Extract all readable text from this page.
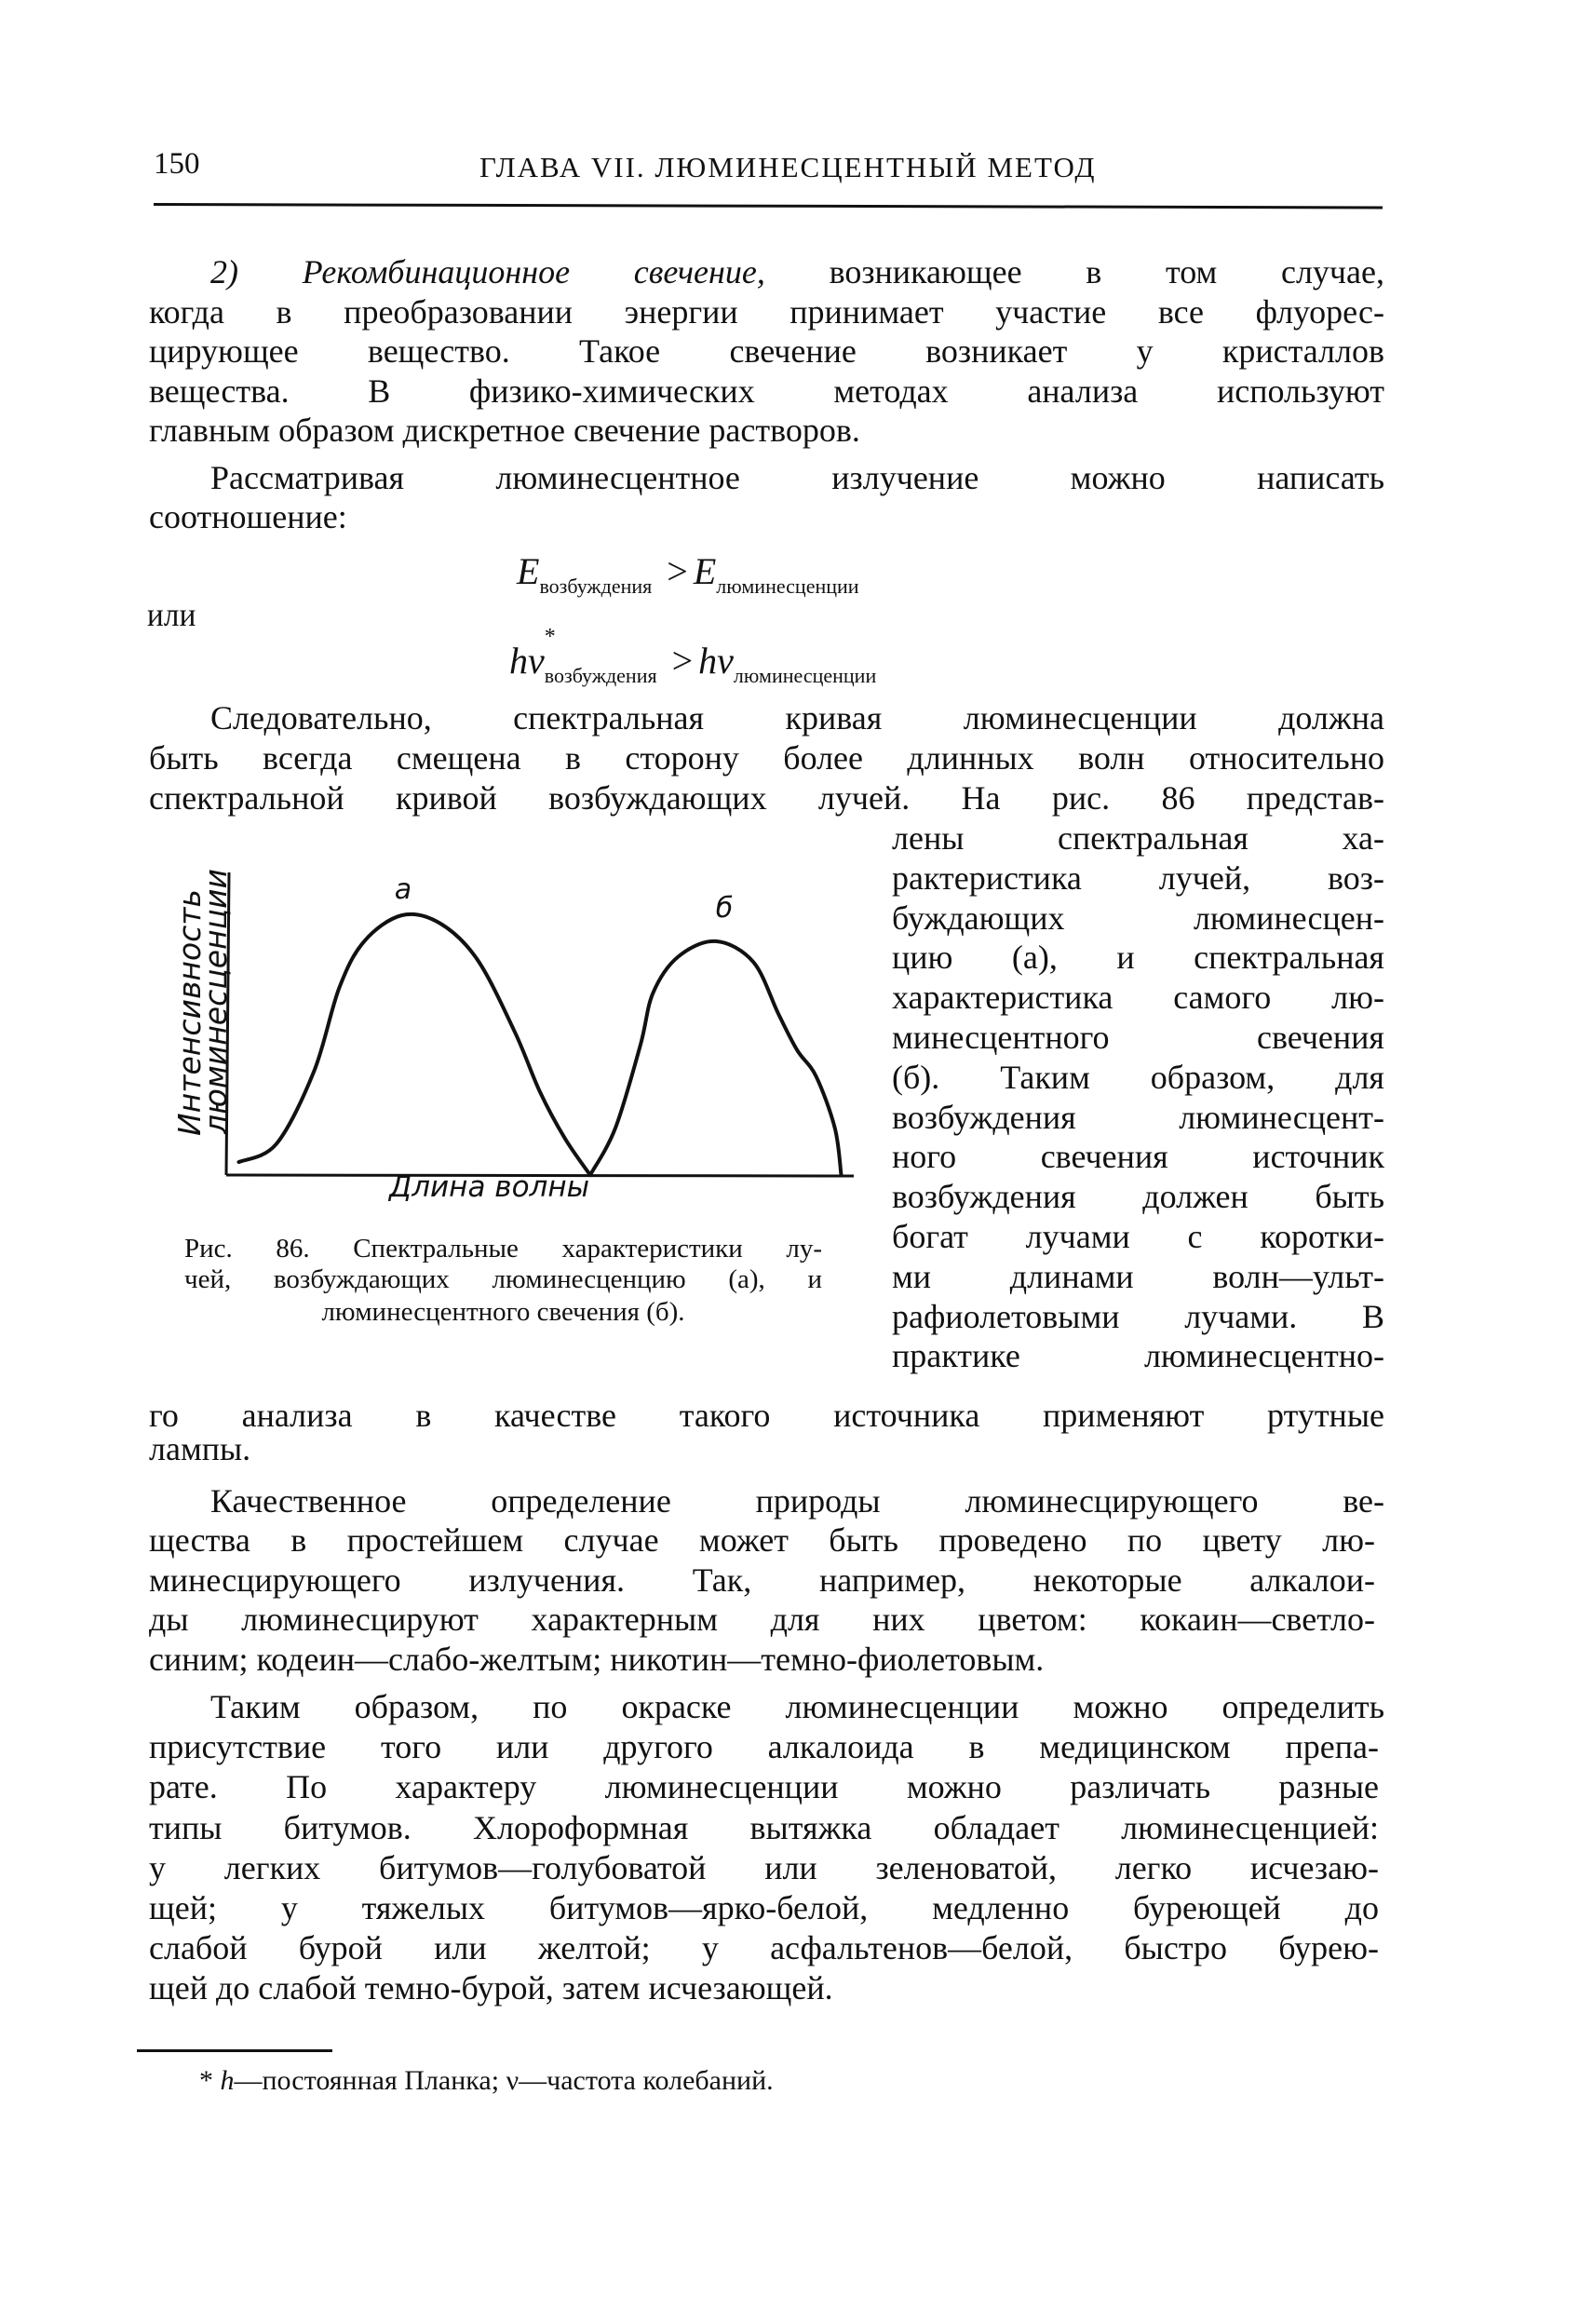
150	ГЛАВА VII. ЛЮМИНЕСЦЕНТНЫЙ МЕТОД
2) Рекомбинационное свечение, возникающее в том случае,
когда в преобразовании энергии принимает участие все флуорес-
цирующее вещество. Такое свечение возникает у кристаллов
вещества. В физико-химических методах анализа используют
главным образом дискретное свечение растворов.
Рассматривая люминесцентное излучение можно написать
соотношение:
$E_{возбуждения} > E_{люминесценции}$
или
hν
*
$_{возбуждения} > h\nu_{люминесценции}$
Следовательно, спектральная кривая люминесценции должна
быть всегда смещена в сторону более длинных волн относительно
спектральной кривой возбуждающих лучей. На рис. 86 представ-
лены спектральная ха-
рактеристика лучей, воз-
буждающих люминесцен-
цию (а), и спектральная
характеристика самого лю-
минесцентного свечения
(б). Таким образом, для
возбуждения люминесцент-
ного свечения источник
возбуждения должен быть
богат лучами с коротки-
ми длинами волн—ульт-
рафиолетовыми лучами. В
практике люминесцентно-
го анализа в качестве такого источника применяют ртутные
лампы.
а
б
Интенсивность
люминесценции
Длина волны
Рис. 86. Спектральные характеристики лу-
чей, возбуждающих люминесценцию (а), и
люминесцентного свечения (б).
Качественное определение природы люминесцирующего ве-
щества в простейшем случае может быть проведено по цвету лю-
минесцирующего излучения. Так, например, некоторые алкалои-
ды люминесцируют характерным для них цветом: кокаин—светло-
синим; кодеин—слабо-желтым; никотин—темно-фиолетовым.
Таким образом, по окраске люминесценции можно определить
присутствие того или другого алкалоида в медицинском препа-
рате. По характеру люминесценции можно различать разные
типы битумов. Хлороформная вытяжка обладает люминесценцией:
у легких битумов—голубоватой или зеленоватой, легко исчезаю-
щей; у тяжелых битумов—ярко-белой, медленно буреющей до
слабой бурой или желтой; у асфальтенов—белой, быстро бурею-
щей до слабой темно-бурой, затем исчезающей.
* h—постоянная Планка; ν—частота колебаний.
